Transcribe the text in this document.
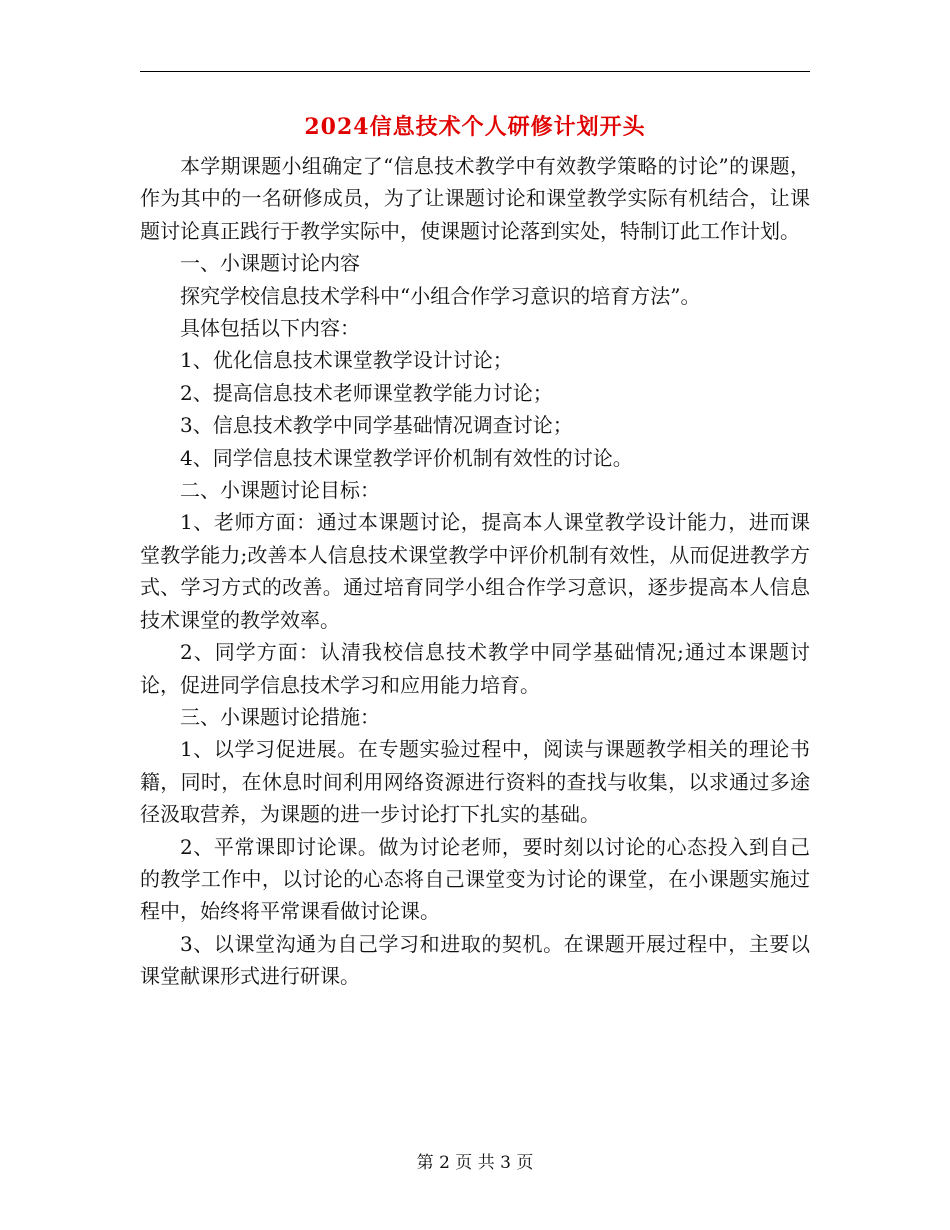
2024信息技术个人研修计划开头

本学期课题小组确定了“信息技术教学中有效教学策略的讨论”的课题，作为其中的一名研修成员，为了让课题讨论和课堂教学实际有机结合，让课题讨论真正践行于教学实际中，使课题讨论落到实处，特制订此工作计划。

一、小课题讨论内容

探究学校信息技术学科中“小组合作学习意识的培育方法”。

具体包括以下内容：

1、优化信息技术课堂教学设计讨论；

2、提高信息技术老师课堂教学能力讨论；

3、信息技术教学中同学基础情况调查讨论；

4、同学信息技术课堂教学评价机制有效性的讨论。

二、小课题讨论目标：

1、老师方面：通过本课题讨论，提高本人课堂教学设计能力，进而课堂教学能力;改善本人信息技术课堂教学中评价机制有效性，从而促进教学方式、学习方式的改善。通过培育同学小组合作学习意识，逐步提高本人信息技术课堂的教学效率。

2、同学方面：认清我校信息技术教学中同学基础情况;通过本课题讨论，促进同学信息技术学习和应用能力培育。

三、小课题讨论措施：

1、以学习促进展。在专题实验过程中，阅读与课题教学相关的理论书籍，同时，在休息时间利用网络资源进行资料的查找与收集，以求通过多途径汲取营养，为课题的进一步讨论打下扎实的基础。

2、平常课即讨论课。做为讨论老师，要时刻以讨论的心态投入到自己的教学工作中，以讨论的心态将自己课堂变为讨论的课堂，在小课题实施过程中，始终将平常课看做讨论课。

3、以课堂沟通为自己学习和进取的契机。在课题开展过程中，主要以课堂献课形式进行研课。

第 2 页 共 3 页
